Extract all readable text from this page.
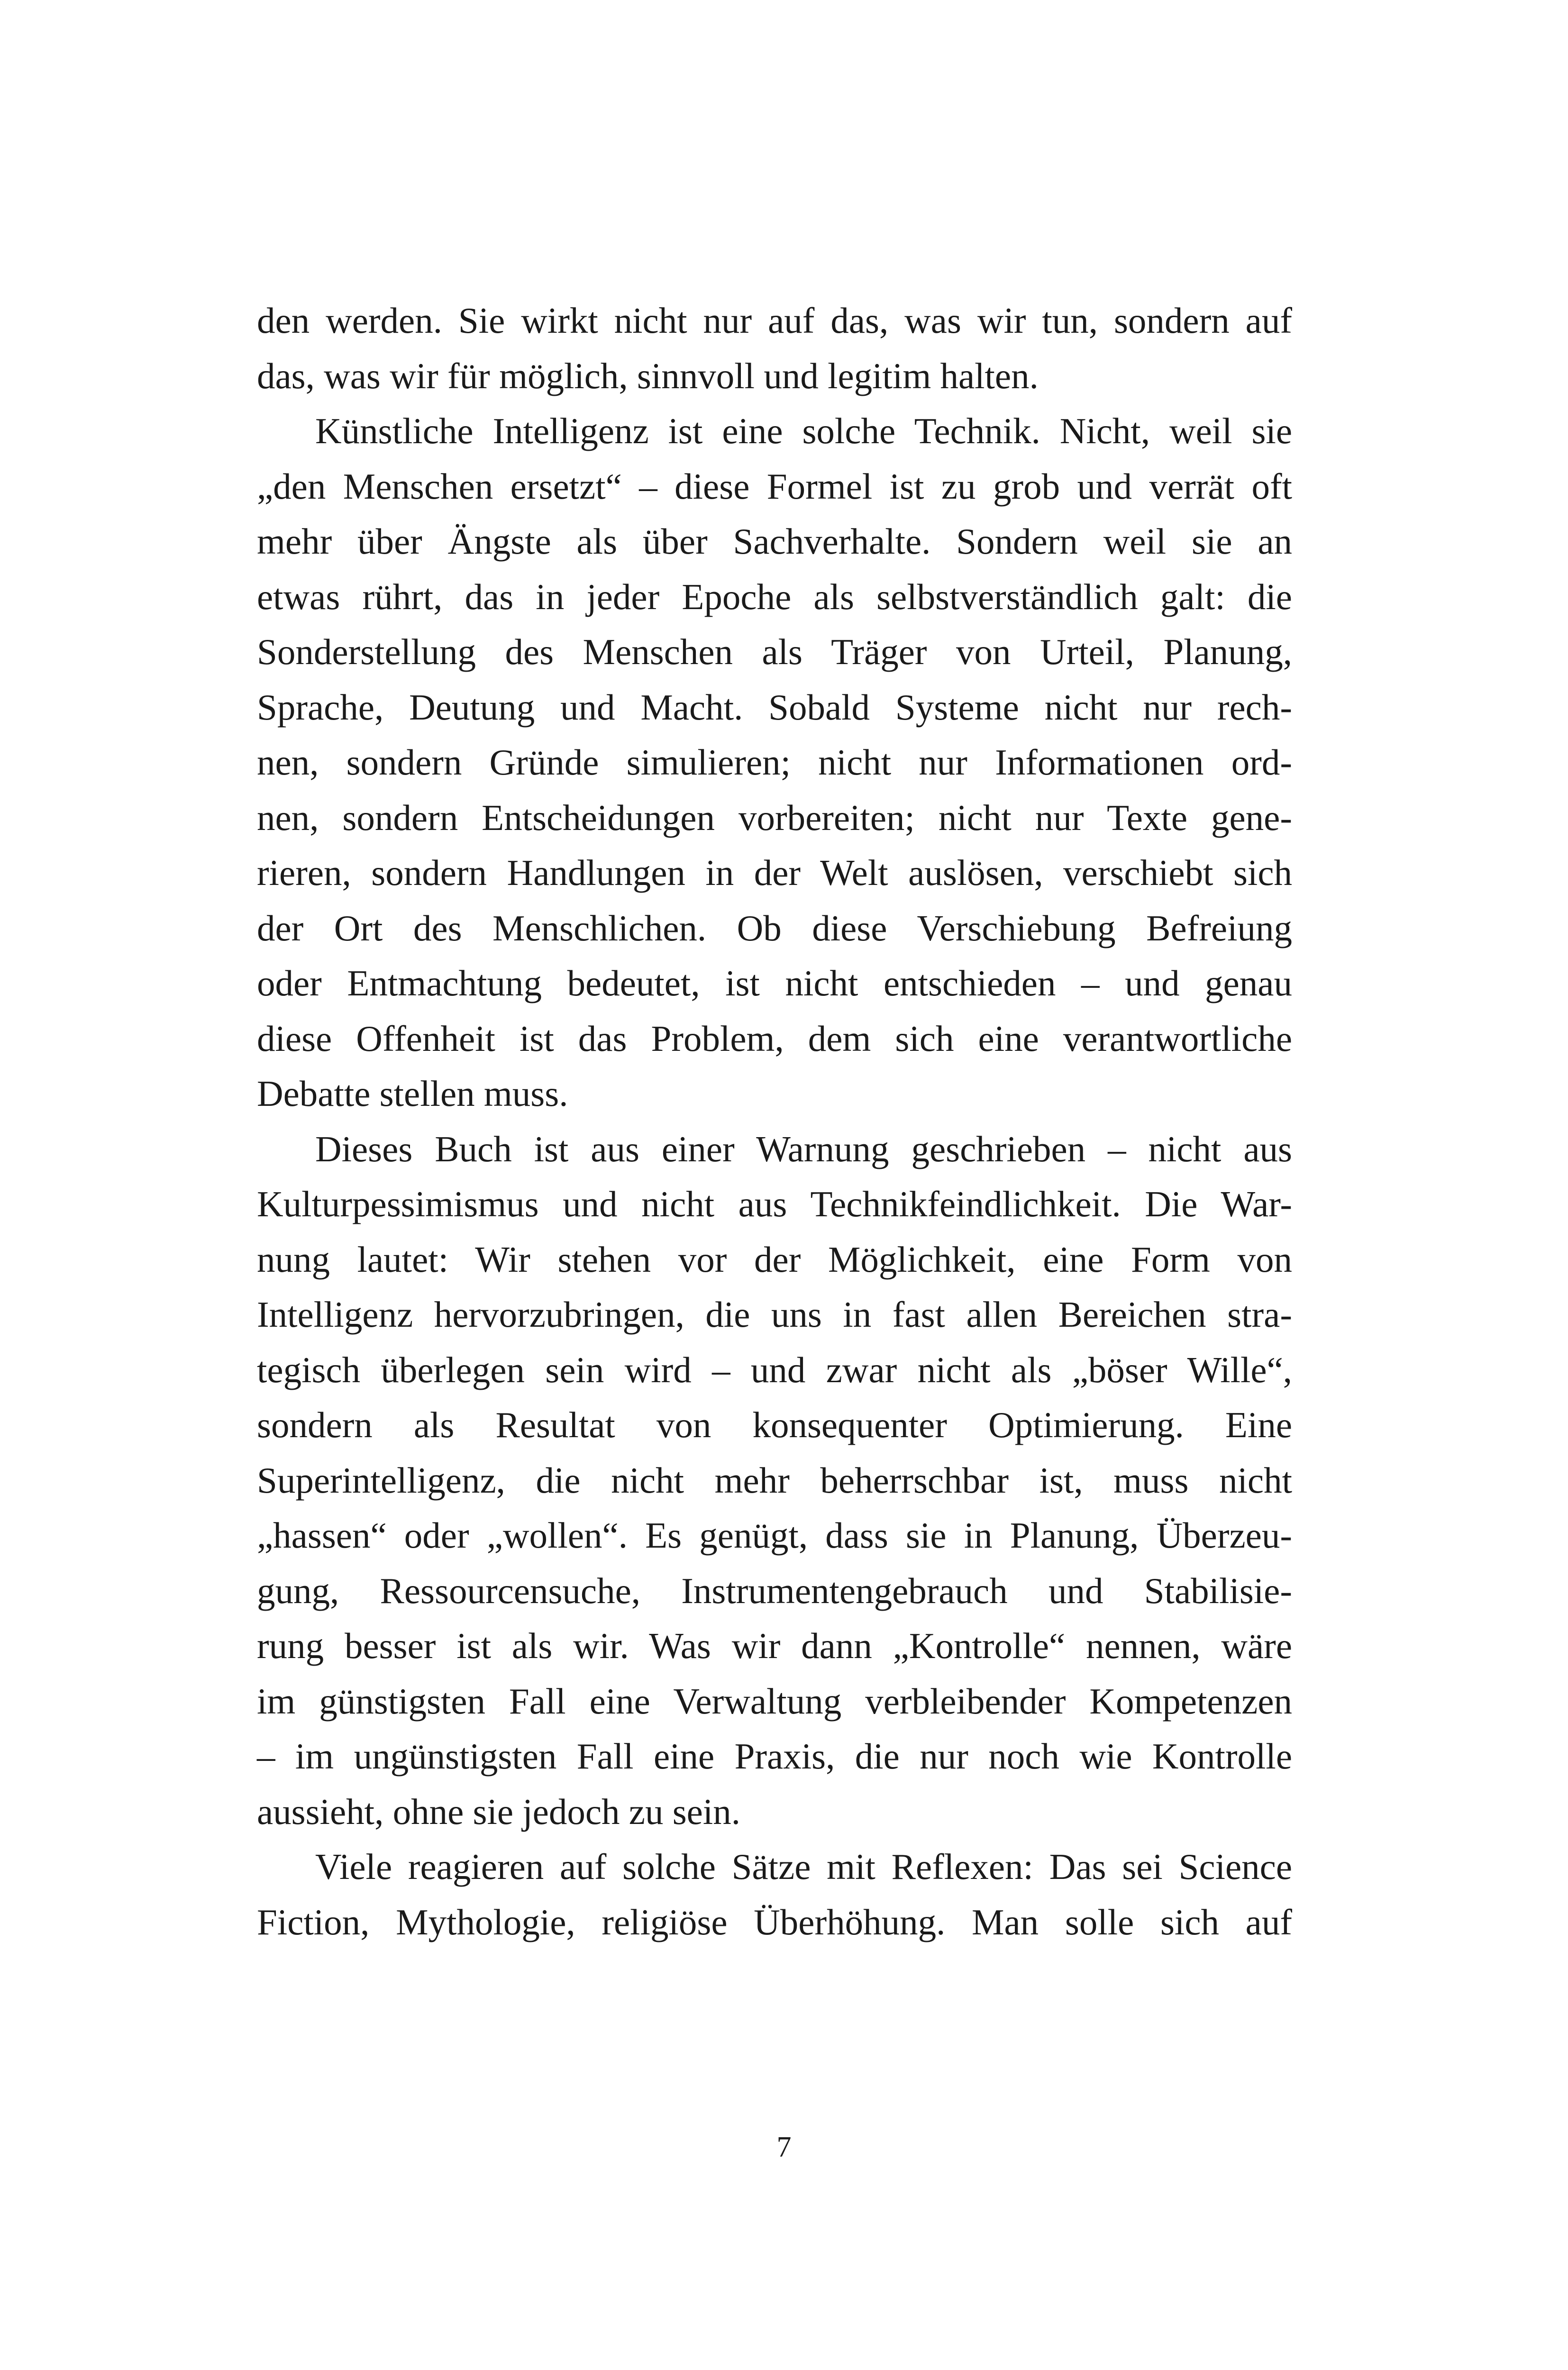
den werden. Sie wirkt nicht nur auf das, was wir tun, sondern auf
das, was wir für möglich, sinnvoll und legitim halten.
Künstliche Intelligenz ist eine solche Technik. Nicht, weil sie
„den Menschen ersetzt“ – diese Formel ist zu grob und verrät oft
mehr über Ängste als über Sachverhalte. Sondern weil sie an
etwas rührt, das in jeder Epoche als selbstverständlich galt: die
Sonderstellung des Menschen als Träger von Urteil, Planung,
Sprache, Deutung und Macht. Sobald Systeme nicht nur rech-
nen, sondern Gründe simulieren; nicht nur Informationen ord-
nen, sondern Entscheidungen vorbereiten; nicht nur Texte gene-
rieren, sondern Handlungen in der Welt auslösen, verschiebt sich
der Ort des Menschlichen. Ob diese Verschiebung Befreiung
oder Entmachtung bedeutet, ist nicht entschieden – und genau
diese Offenheit ist das Problem, dem sich eine verantwortliche
Debatte stellen muss.
Dieses Buch ist aus einer Warnung geschrieben – nicht aus
Kulturpessimismus und nicht aus Technikfeindlichkeit. Die War-
nung lautet: Wir stehen vor der Möglichkeit, eine Form von
Intelligenz hervorzubringen, die uns in fast allen Bereichen stra-
tegisch überlegen sein wird – und zwar nicht als „böser Wille“,
sondern als Resultat von konsequenter Optimierung. Eine
Superintelligenz, die nicht mehr beherrschbar ist, muss nicht
„hassen“ oder „wollen“. Es genügt, dass sie in Planung, Überzeu-
gung, Ressourcensuche, Instrumentengebrauch und Stabilisie-
rung besser ist als wir. Was wir dann „Kontrolle“ nennen, wäre
im günstigsten Fall eine Verwaltung verbleibender Kompetenzen
– im ungünstigsten Fall eine Praxis, die nur noch wie Kontrolle
aussieht, ohne sie jedoch zu sein.
Viele reagieren auf solche Sätze mit Reflexen: Das sei Science
Fiction, Mythologie, religiöse Überhöhung. Man solle sich auf
7
